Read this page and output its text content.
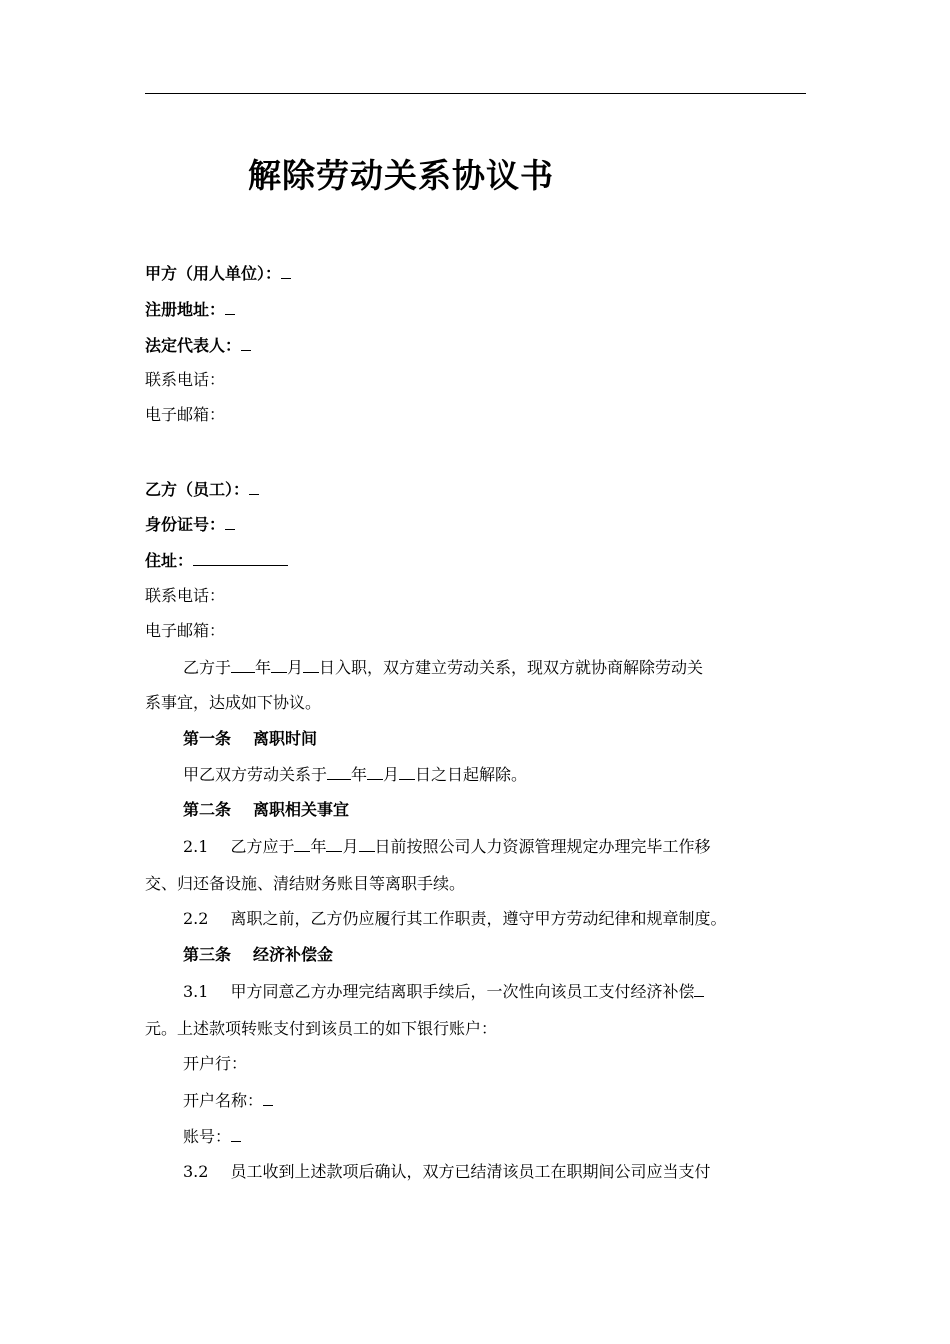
解除劳动关系协议书
甲方（用人单位）：
注册地址：
法定代表人：
联系电话：
电子邮箱：
乙方（员工）：
身份证号：
住址：
联系电话：
电子邮箱：
乙方于 年 月 日入职，双方建立劳动关系，现双方就协商解除劳动关
系事宜，达成如下协议。
第一条 离职时间
甲乙双方劳动关系于 年 月 日之日起解除。
第二条 离职相关事宜
2.1 乙方应于 年 月 日前按照公司人力资源管理规定办理完毕工作移
交、归还备设施、清结财务账目等离职手续。
2.2 离职之前，乙方仍应履行其工作职责，遵守甲方劳动纪律和规章制度。
第三条 经济补偿金
3.1 甲方同意乙方办理完结离职手续后，一次性向该员工支付经济补偿
元。上述款项转账支付到该员工的如下银行账户：
开户行：
开户名称：
账号：
3.2 员工收到上述款项后确认，双方已结清该员工在职期间公司应当支付
